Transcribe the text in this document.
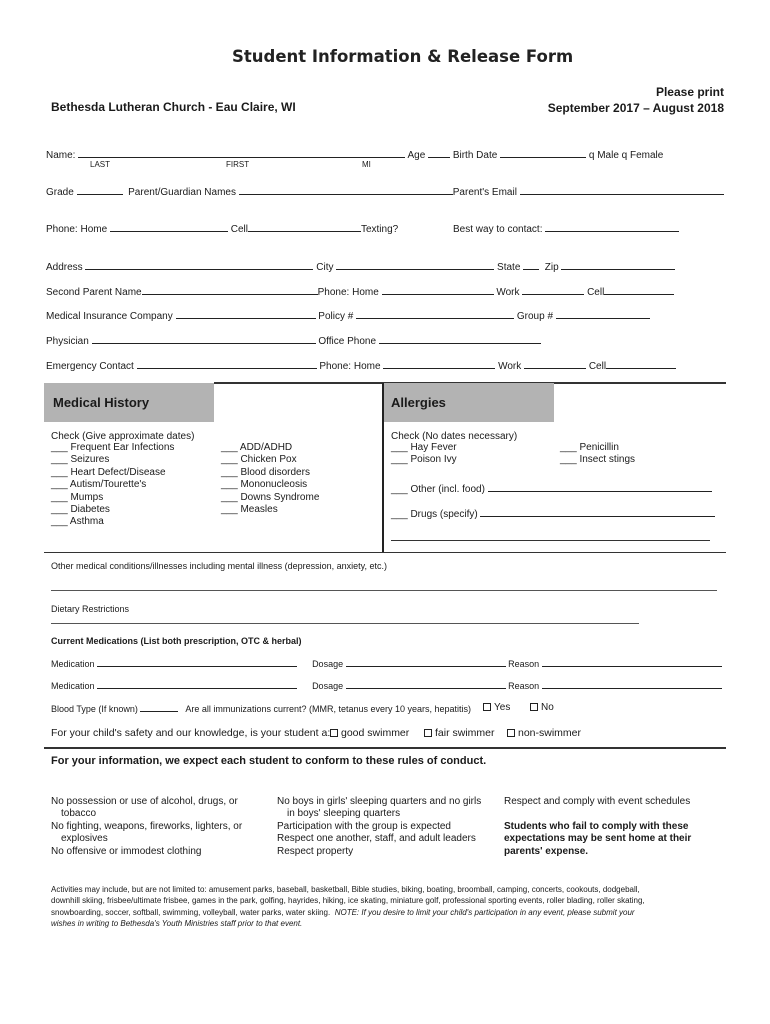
Student Information & Release Form
Bethesda Lutheran Church - Eau Claire, WI
Please print
September 2017 – August 2018
Name:	Age	Birth Date	q Male q Female
LAST	FIRST	MI
Grade	Parent/Guardian Names	Parent's Email
Phone: Home	Cell	Texting?	Best way to contact:
Address	City	State Zip
Second Parent Name	Phone: Home	Work	Cell
Medical Insurance Company	Policy #	Group #
Physician	Office Phone
Emergency Contact	Phone: Home	Work	Cell
Medical History	Allergies
Check (Give approximate dates)
___ Frequent Ear Infections
___ Seizures
___ Heart Defect/Disease
___ Autism/Tourette's
___ Mumps
___ Diabetes
___ Asthma
___ ADD/ADHD
___ Chicken Pox
___ Blood disorders
___ Mononucleosis
___ Downs Syndrome
___ Measles
Check (No dates necessary)
___ Hay Fever
___ Poison Ivy
___ Penicillin
___ Insect stings
___ Other (incl. food)
___ Drugs (specify)
Other medical conditions/illnesses including mental illness (depression, anxiety, etc.)
Dietary Restrictions
Current Medications (List both prescription, OTC & herbal)
Medication	Dosage	Reason
Medication	Dosage	Reason
Blood Type (If known)	Are all immunizations current? (MMR, tetanus every 10 years, hepatitis)	Yes	No
For your child's safety and our knowledge, is your student a:	good swimmer	fair swimmer	non-swimmer
For your information, we expect each student to conform to these rules of conduct.
No possession or use of alcohol, drugs, or
tobacco
No fighting, weapons, fireworks, lighters, or
explosives
No offensive or immodest clothing
No boys in girls' sleeping quarters and no girls
in boys' sleeping quarters
Participation with the group is expected
Respect one another, staff, and adult leaders
Respect property
Respect and comply with event schedules
Students who fail to comply with these
expectations may be sent home at their
parents' expense.
Activities may include, but are not limited to: amusement parks, baseball, basketball, Bible studies, biking, boating, broomball, camping, concerts, cookouts, dodgeball,
downhill skiing, frisbee/ultimate frisbee, games in the park, golfing, hayrides, hiking, ice skating, miniature golf, professional sporting events, roller blading, roller skating,
snowboarding, soccer, softball, swimming, volleyball, water parks, water skiing. NOTE: If you desire to limit your child's participation in any event, please submit your
wishes in writing to Bethesda's Youth Ministries staff prior to that event.
